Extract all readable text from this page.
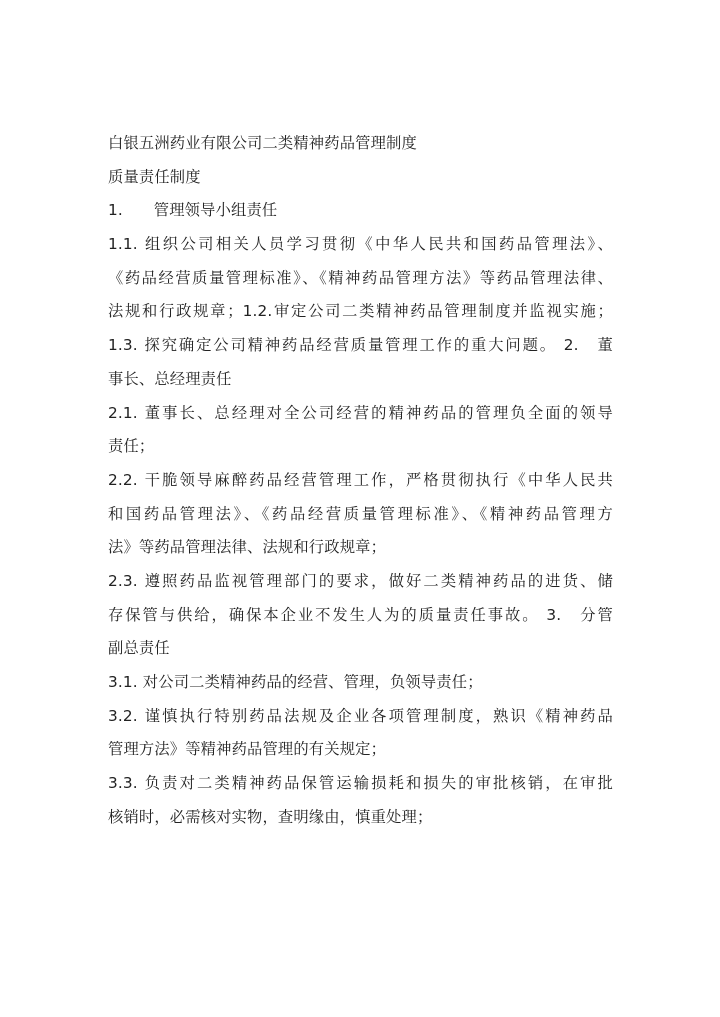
白银五洲药业有限公司二类精神药品管理制度
质量责任制度
1.　　管理领导小组责任
1.1. 组织公司相关人员学习贯彻《中华人民共和国药品管理法》、
《药品经营质量管理标准》、《精神药品管理方法》等药品管理法律、
法规和行政规章；1.2.审定公司二类精神药品管理制度并监视实施；
1.3. 探究确定公司精神药品经营质量管理工作的重大问题。 2.　董
事长、总经理责任
2.1. 董事长、总经理对全公司经营的精神药品的管理负全面的领导
责任；
2.2. 干脆领导麻醉药品经营管理工作，严格贯彻执行《中华人民共
和国药品管理法》、《药品经营质量管理标准》、《精神药品管理方
法》等药品管理法律、法规和行政规章；
2.3. 遵照药品监视管理部门的要求，做好二类精神药品的进货、储
存保管与供给，确保本企业不发生人为的质量责任事故。 3.　分管
副总责任
3.1. 对公司二类精神药品的经营、管理，负领导责任；
3.2. 谨慎执行特别药品法规及企业各项管理制度，熟识《精神药品
管理方法》等精神药品管理的有关规定；
3.3. 负责对二类精神药品保管运输损耗和损失的审批核销，在审批
核销时，必需核对实物，查明缘由，慎重处理；
